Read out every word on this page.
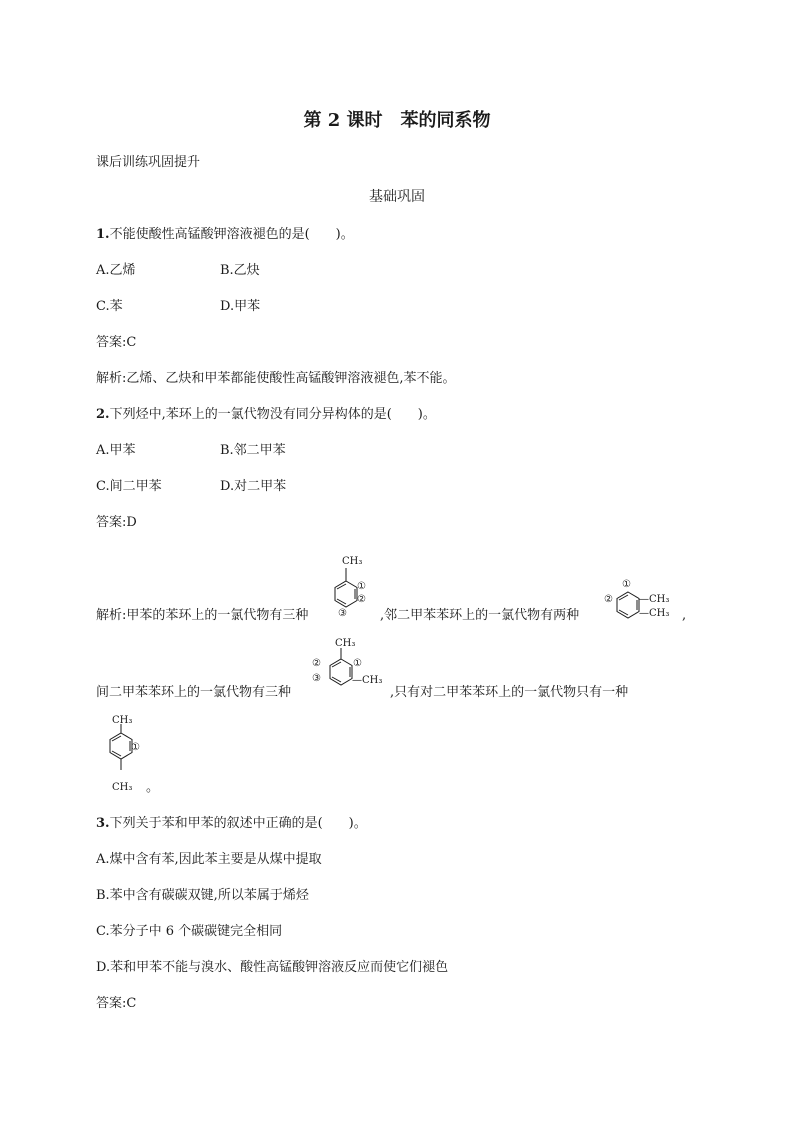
第 2 课时　苯的同系物
课后训练巩固提升
基础巩固
1.不能使酸性高锰酸钾溶液褪色的是(　　)。
A.乙烯	B.乙炔
C.苯	D.甲苯
答案:C
解析:乙烯、乙炔和甲苯都能使酸性高锰酸钾溶液褪色,苯不能。
2.下列烃中,苯环上的一氯代物没有同分异构体的是(　　)。
A.甲苯	B.邻二甲苯
C.间二甲苯	D.对二甲苯
答案:D
解析:甲苯的苯环上的一氯代物有三种
CH₃
①
②
③	,邻二甲苯苯环上的一氯代物有两种
①
②	—CH₃
—CH₃ ,
间二甲苯苯环上的一氯代物有三种
CH₃
②	①
③	—CH₃
,只有对二甲苯苯环上的一氯代物只有一种
CH₃
①
CH₃ 。
3.下列关于苯和甲苯的叙述中正确的是(　　)。
A.煤中含有苯,因此苯主要是从煤中提取
B.苯中含有碳碳双键,所以苯属于烯烃
C.苯分子中 6 个碳碳键完全相同
D.苯和甲苯不能与溴水、酸性高锰酸钾溶液反应而使它们褪色
答案:C
